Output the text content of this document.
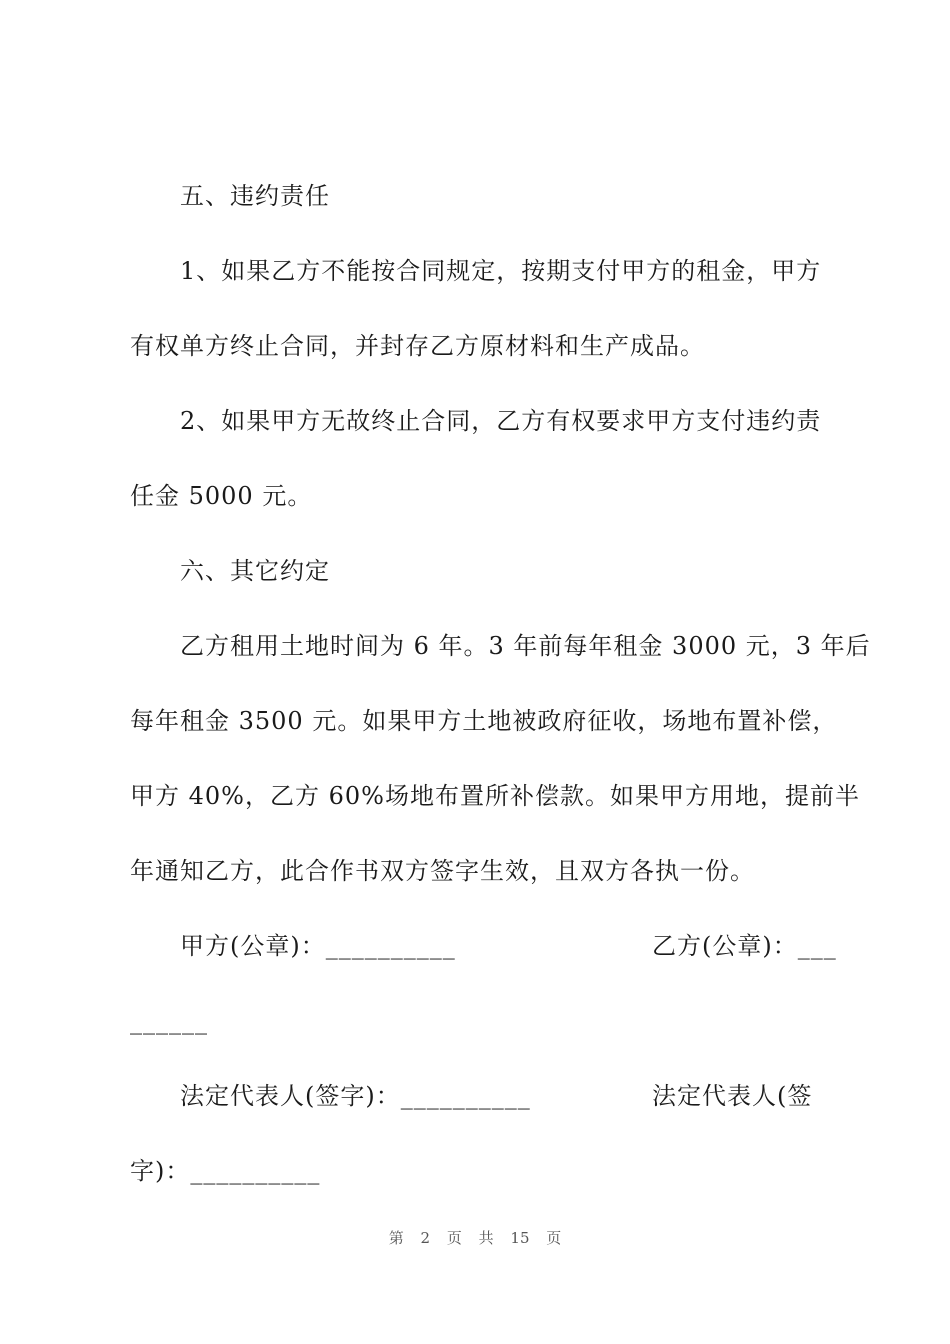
五、违约责任
1、如果乙方不能按合同规定，按期支付甲方的租金，甲方
有权单方终止合同，并封存乙方原材料和生产成品。
2、如果甲方无故终止合同，乙方有权要求甲方支付违约责
任金 5000 元。
六、其它约定
乙方租用土地时间为 6 年。3 年前每年租金 3000 元，3 年后
每年租金 3500 元。如果甲方土地被政府征收，场地布置补偿，
甲方 40%，乙方 60%场地布置所补偿款。如果甲方用地，提前半
年通知乙方，此合作书双方签字生效，且双方各执一份。
甲方(公章)：__________	乙方(公章)：___
______
法定代表人(签字)：__________	法定代表人(签
字)：__________
第 2 页 共 15 页
